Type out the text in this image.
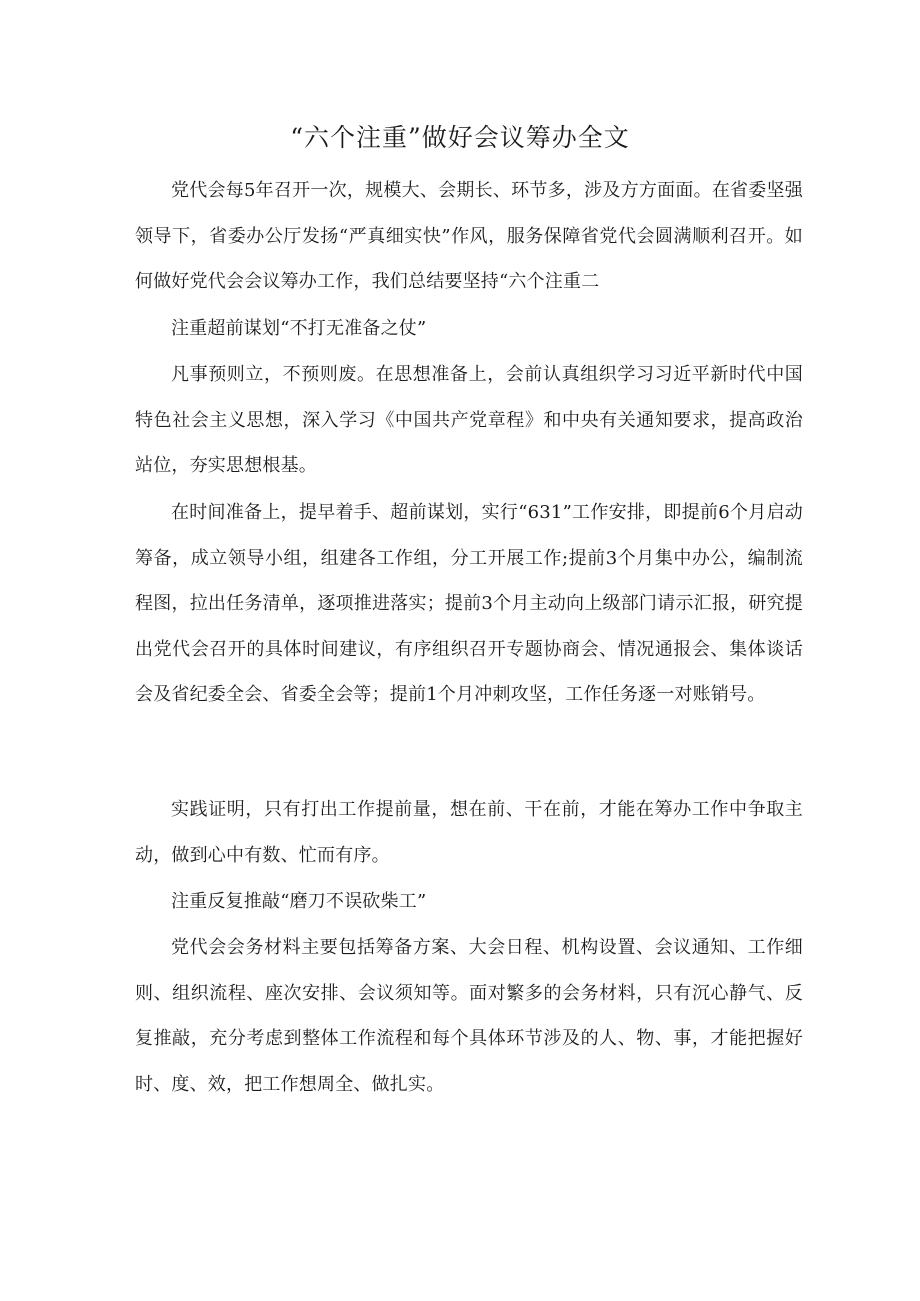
“六个注重”做好会议筹办全文

党代会每5年召开一次，规模大、会期长、环节多，涉及方方面面。在省委坚强领导下，省委办公厅发扬“严真细实快”作风，服务保障省党代会圆满顺利召开。如何做好党代会会议筹办工作，我们总结要坚持“六个注重二

注重超前谋划“不打无准备之仗”

凡事预则立，不预则废。在思想准备上，会前认真组织学习习近平新时代中国特色社会主义思想，深入学习《中国共产党章程》和中央有关通知要求，提高政治站位，夯实思想根基。

在时间准备上，提早着手、超前谋划，实行“631”工作安排，即提前6个月启动筹备，成立领导小组，组建各工作组，分工开展工作;提前3个月集中办公，编制流程图，拉出任务清单，逐项推进落实；提前3个月主动向上级部门请示汇报，研究提出党代会召开的具体时间建议，有序组织召开专题协商会、情况通报会、集体谈话会及省纪委全会、省委全会等；提前1个月冲刺攻坚，工作任务逐一对账销号。

实践证明，只有打出工作提前量，想在前、干在前，才能在筹办工作中争取主动，做到心中有数、忙而有序。

注重反复推敲“磨刀不误砍柴工”

党代会会务材料主要包括筹备方案、大会日程、机构设置、会议通知、工作细则、组织流程、座次安排、会议须知等。面对繁多的会务材料，只有沉心静气、反复推敲，充分考虑到整体工作流程和每个具体环节涉及的人、物、事，才能把握好时、度、效，把工作想周全、做扎实。
